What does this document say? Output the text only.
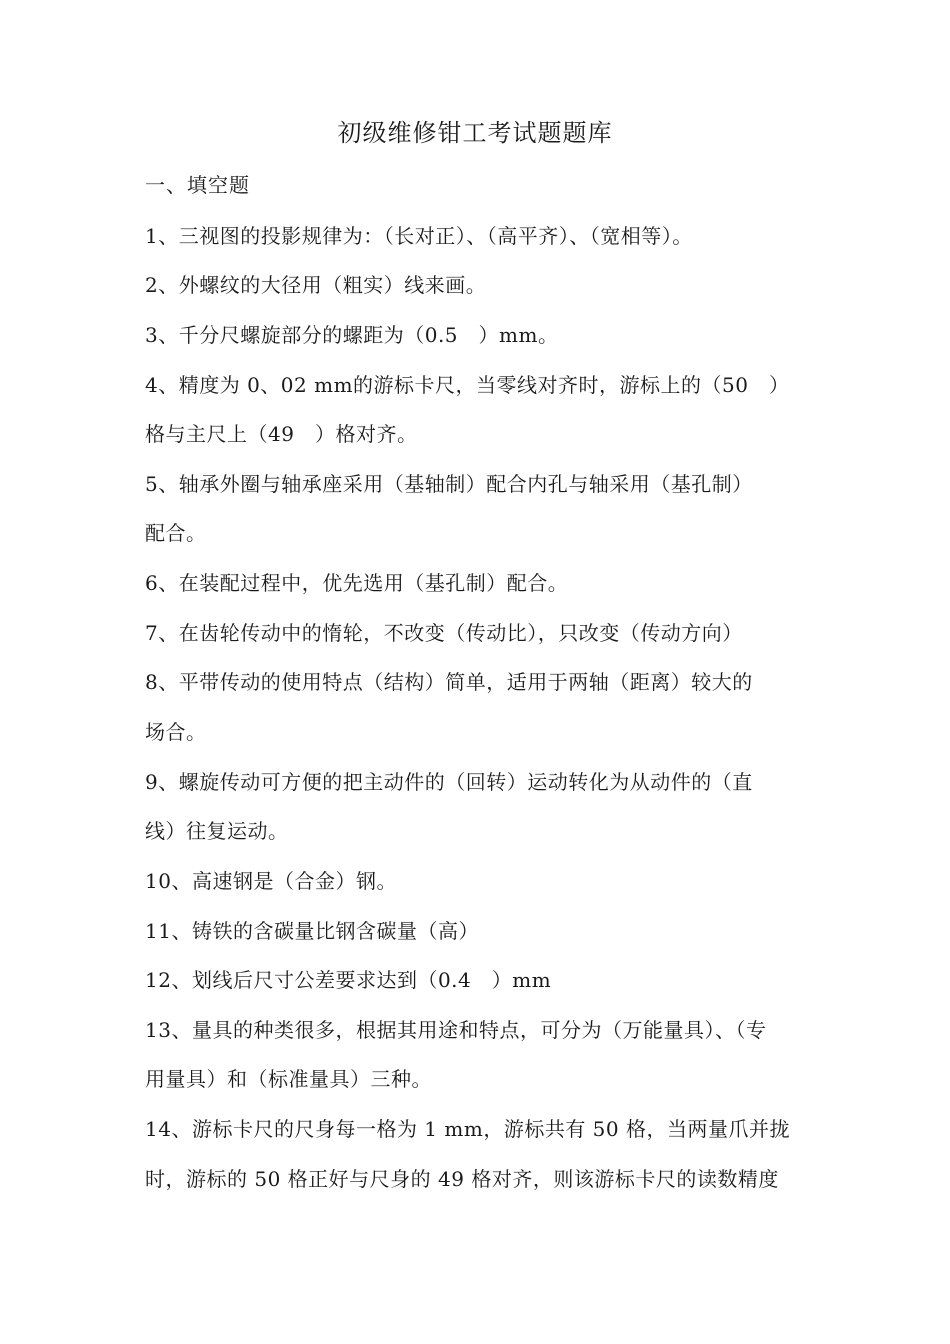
初级维修钳工考试题题库
一、填空题
1、三视图的投影规律为：（长对正）、（高平齐）、（宽相等）。
2、外螺纹的大径用（粗实）线来画。
3、千分尺螺旋部分的螺距为（0.5　）mm。
4、精度为 0、02 mm的游标卡尺，当零线对齐时，游标上的（50　）
格与主尺上（49　）格对齐。
5、轴承外圈与轴承座采用（基轴制）配合内孔与轴采用（基孔制）
配合。
6、在装配过程中，优先选用（基孔制）配合。
7、在齿轮传动中的惰轮，不改变（传动比），只改变（传动方向）
8、平带传动的使用特点（结构）简单，适用于两轴（距离）较大的
场合。
9、螺旋传动可方便的把主动件的（回转）运动转化为从动件的（直
线）往复运动。
10、高速钢是（合金）钢。
11、铸铁的含碳量比钢含碳量（高）
12、划线后尺寸公差要求达到（0.4　）mm
13、量具的种类很多，根据其用途和特点，可分为（万能量具）、（专
用量具）和（标准量具）三种。
14、游标卡尺的尺身每一格为 1 mm，游标共有 50 格，当两量爪并拢
时，游标的 50 格正好与尺身的 49 格对齐，则该游标卡尺的读数精度
